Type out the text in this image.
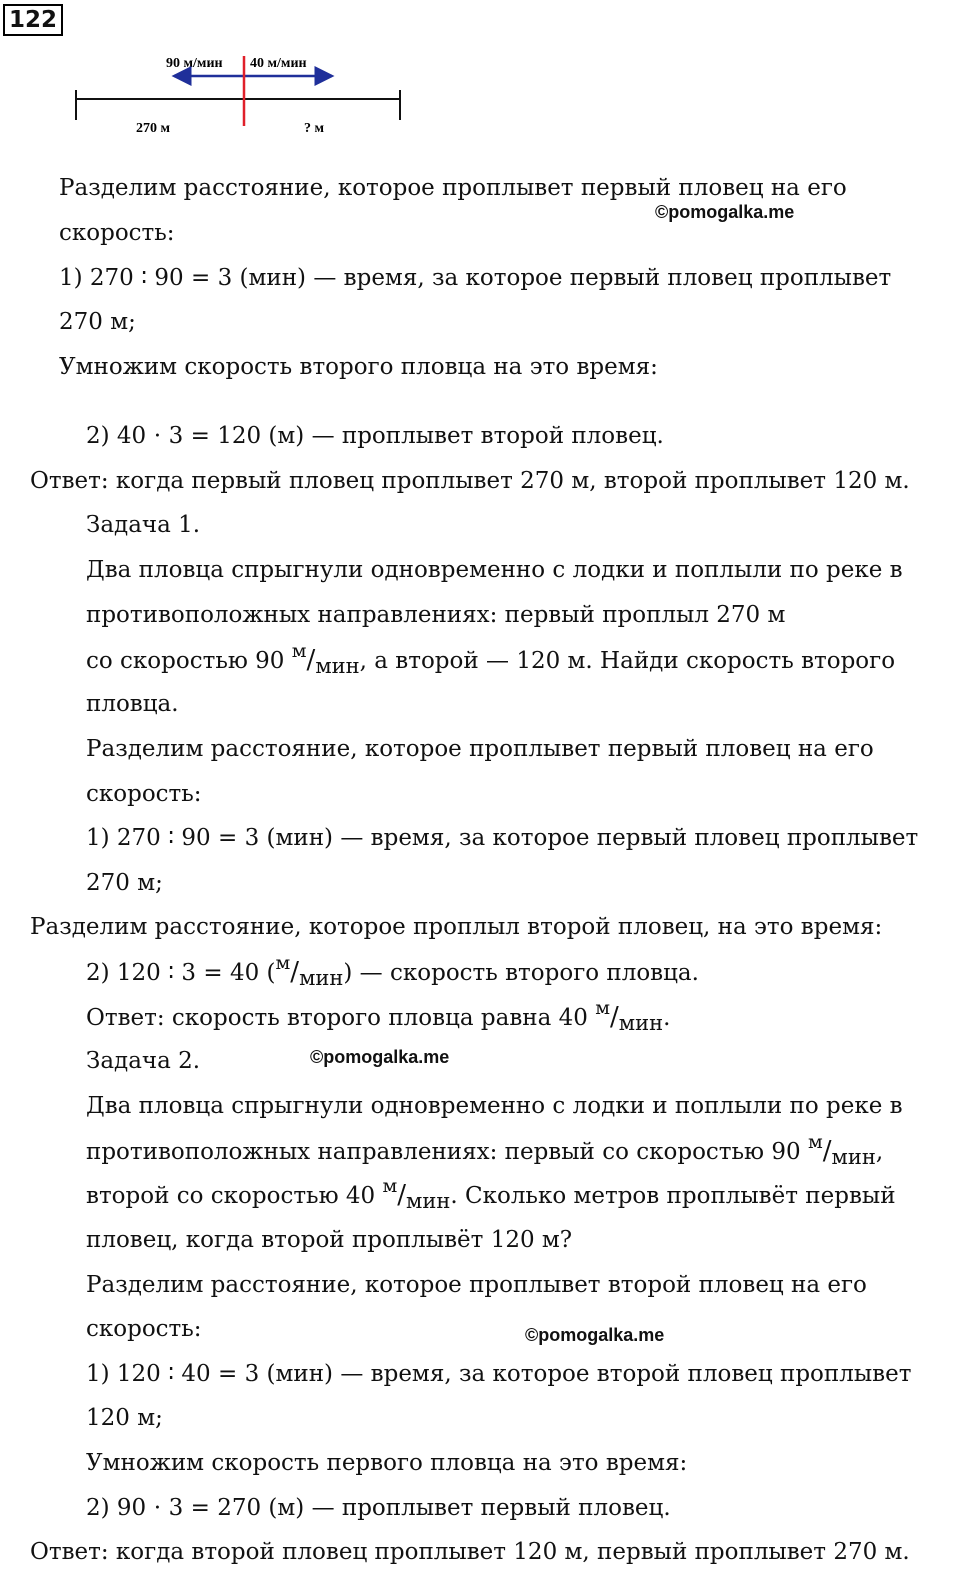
122
90 м/мин 40 м/мин
270 м	? м
©pomogalka.me
©pomogalka.me
©pomogalka.me
Разделим расстояние, которое проплывет первый пловец на его
скорость:
1) 270 ∶ 90 = 3 (мин) — время, за которое первый пловец проплывет
270 м;
Умножим скорость второго пловца на это время:
2) 40 ⋅ 3 = 120 (м) — проплывет второй пловец.
Ответ: когда первый пловец проплывет 270 м, второй проплывет 120 м.
Задача 1.
Два пловца спрыгнули одновременно с лодки и поплыли по реке в
противоположных направлениях: первый проплыл 270 м
со скоростью 90 $^м/_{мин}$, а второй — 120 м. Найди скорость второго
пловца.
Разделим расстояние, которое проплывет первый пловец на его
скорость:
1) 270 ∶ 90 = 3 (мин) — время, за которое первый пловец проплывет
270 м;
Разделим расстояние, которое проплыл второй пловец, на это время:
2) 120 ∶ 3 = 40 $(^м/_{мин})$ — скорость второго пловца.
Ответ: скорость второго пловца равна 40 $^м/_{мин}$.
Задача 2.
Два пловца спрыгнули одновременно с лодки и поплыли по реке в
противоположных направлениях: первый со скоростью 90 $^м/_{мин}$,
второй со скоростью 40 $^м/_{мин}$. Сколько метров проплывёт первый
пловец, когда второй проплывёт 120 м?
Разделим расстояние, которое проплывет второй пловец на его
скорость:
1) 120 ∶ 40 = 3 (мин) — время, за которое второй пловец проплывет
120 м;
Умножим скорость первого пловца на это время:
2) 90 ⋅ 3 = 270 (м) — проплывет первый пловец.
Ответ: когда второй пловец проплывет 120 м, первый проплывет 270 м.
